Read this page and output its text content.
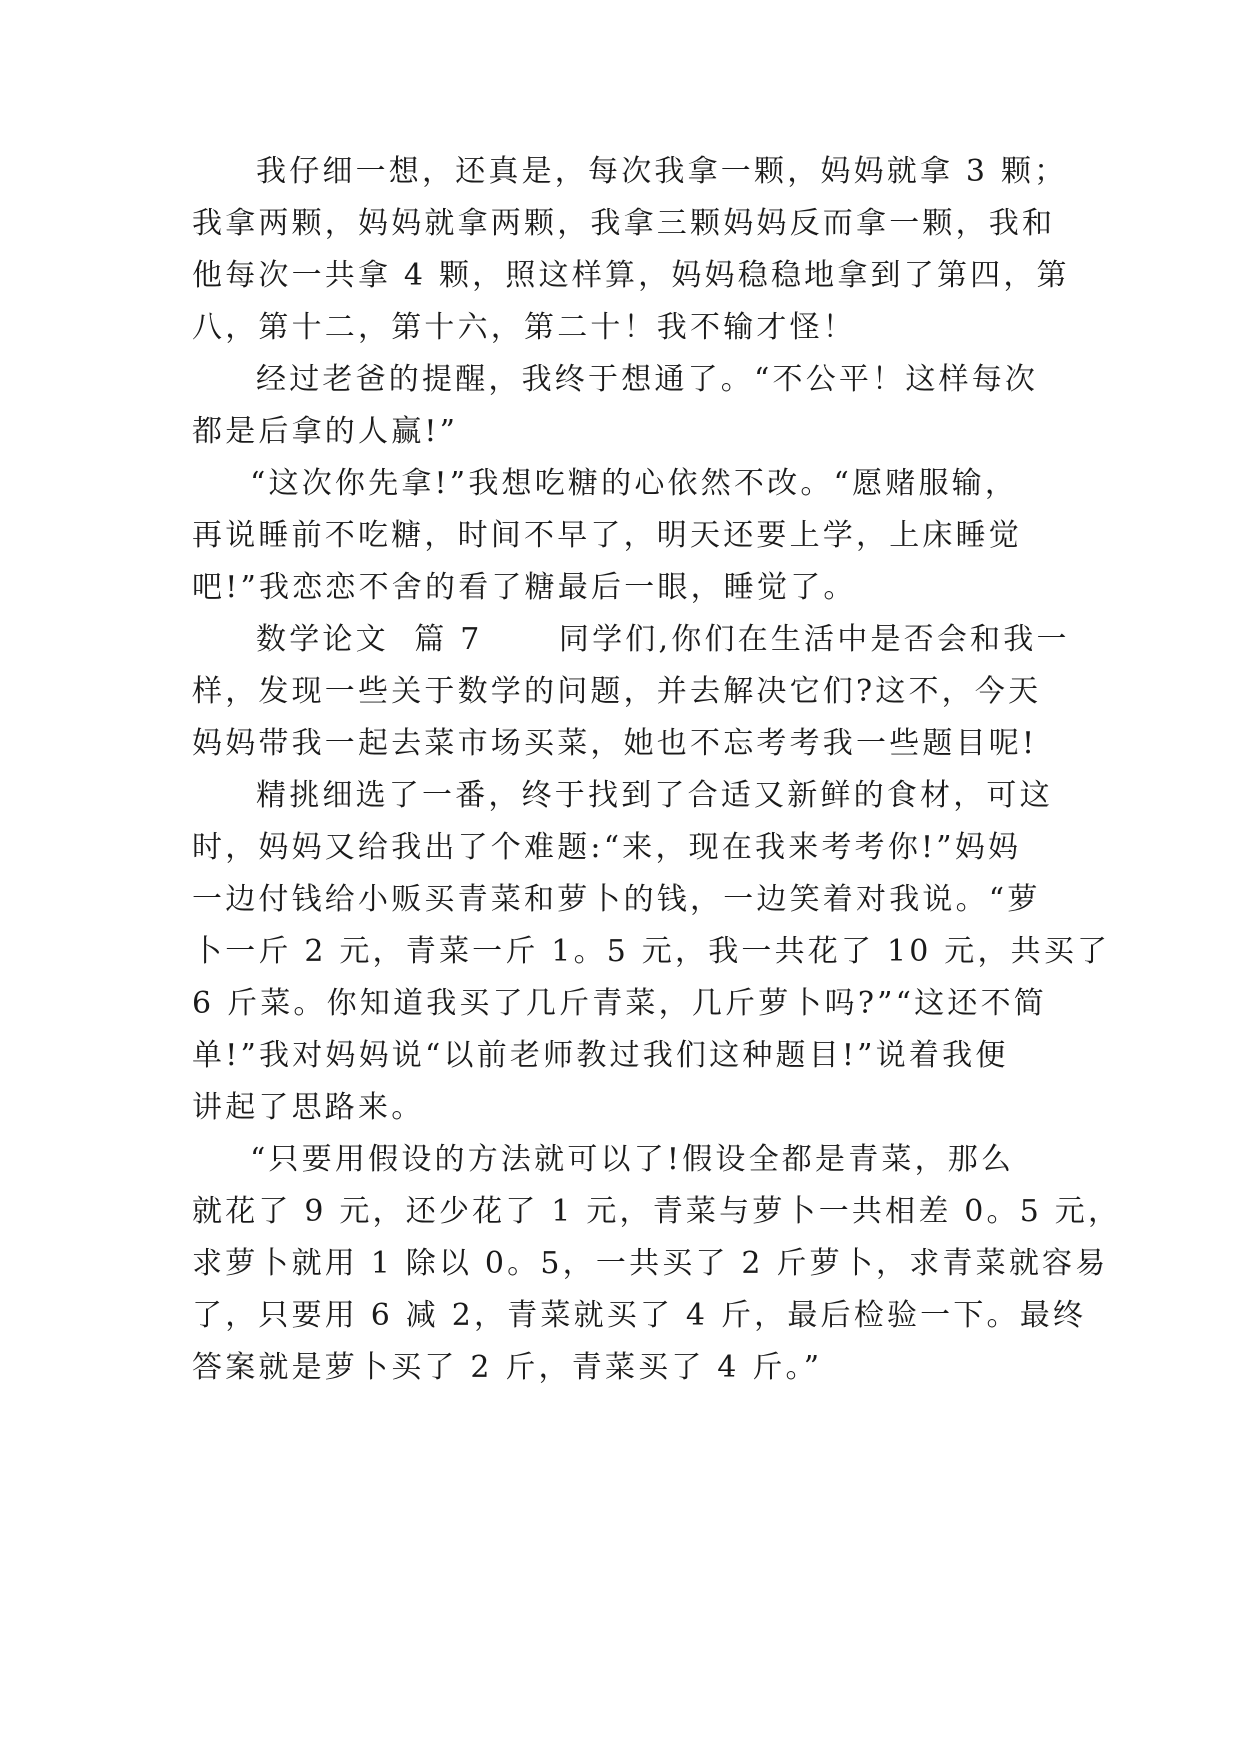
我仔细一想，还真是，每次我拿一颗，妈妈就拿 3 颗；
我拿两颗，妈妈就拿两颗，我拿三颗妈妈反而拿一颗，我和
他每次一共拿 4 颗，照这样算，妈妈稳稳地拿到了第四，第
八，第十二，第十六，第二十！我不输才怪！
经过老爸的提醒，我终于想通了。“不公平！这样每次
都是后拿的人赢!”
“这次你先拿!”我想吃糖的心依然不改。“愿赌服输，
再说睡前不吃糖，时间不早了，明天还要上学，上床睡觉
吧!”我恋恋不舍的看了糖最后一眼，睡觉了。
数学论文  篇 7      同学们,你们在生活中是否会和我一
样，发现一些关于数学的问题，并去解决它们?这不，今天
妈妈带我一起去菜市场买菜，她也不忘考考我一些题目呢!
精挑细选了一番，终于找到了合适又新鲜的食材，可这
时，妈妈又给我出了个难题:“来，现在我来考考你!”妈妈
一边付钱给小贩买青菜和萝卜的钱，一边笑着对我说。“萝
卜一斤 2 元，青菜一斤 1。5 元，我一共花了 10 元，共买了
6 斤菜。你知道我买了几斤青菜，几斤萝卜吗?”“这还不简
单!”我对妈妈说“以前老师教过我们这种题目!”说着我便
讲起了思路来。
“只要用假设的方法就可以了!假设全都是青菜，那么
就花了 9 元，还少花了 1 元，青菜与萝卜一共相差 0。5 元，
求萝卜就用 1 除以 0。5，一共买了 2 斤萝卜，求青菜就容易
了，只要用 6 减 2，青菜就买了 4 斤，最后检验一下。最终
答案就是萝卜买了 2 斤，青菜买了 4 斤。”
